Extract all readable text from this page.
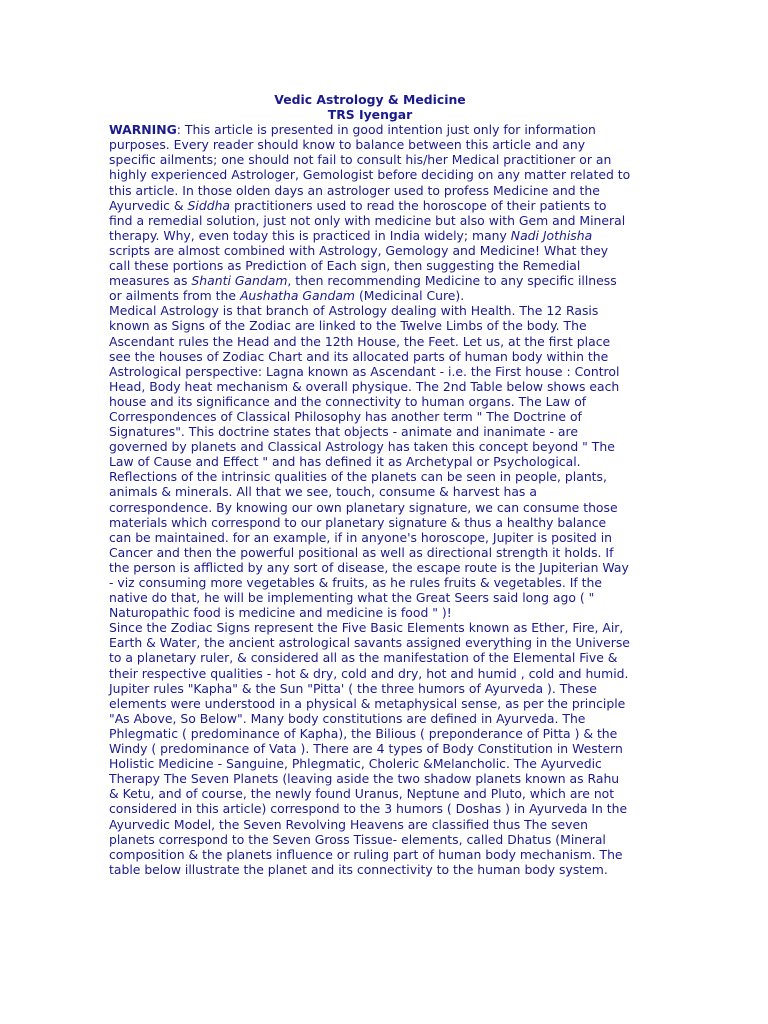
Vedic Astrology & Medicine
TRS Iyengar

WARNING: This article is presented in good intention just only for information purposes. Every reader should know to balance between this article and any specific ailments; one should not fail to consult his/her Medical practitioner or an highly experienced Astrologer, Gemologist before deciding on any matter related to this article. In those olden days an astrologer used to profess Medicine and the Ayurvedic & Siddha practitioners used to read the horoscope of their patients to find a remedial solution, just not only with medicine but also with Gem and Mineral therapy. Why, even today this is practiced in India widely; many Nadi Jothisha scripts are almost combined with Astrology, Gemology and Medicine! What they call these portions as Prediction of Each sign, then suggesting the Remedial measures as Shanti Gandam, then recommending Medicine to any specific illness or ailments from the Aushatha Gandam (Medicinal Cure).

Medical Astrology is that branch of Astrology dealing with Health. The 12 Rasis known as Signs of the Zodiac are linked to the Twelve Limbs of the body. The Ascendant rules the Head and the 12th House, the Feet. Let us, at the first place see the houses of Zodiac Chart and its allocated parts of human body within the Astrological perspective: Lagna known as Ascendant - i.e. the First house : Control Head, Body heat mechanism & overall physique. The 2nd Table below shows each house and its significance and the connectivity to human organs. The Law of Correspondences of Classical Philosophy has another term " The Doctrine of Signatures". This doctrine states that objects - animate and inanimate - are governed by planets and Classical Astrology has taken this concept beyond " The Law of Cause and Effect " and has defined it as Archetypal or Psychological.

Reflections of the intrinsic qualities of the planets can be seen in people, plants, animals & minerals. All that we see, touch, consume & harvest has a correspondence. By knowing our own planetary signature, we can consume those materials which correspond to our planetary signature & thus a healthy balance can be maintained. for an example, if in anyone's horoscope, Jupiter is posited in Cancer and then the powerful positional as well as directional strength it holds. If the person is afflicted by any sort of disease, the escape route is the Jupiterian Way - viz consuming more vegetables & fruits, as he rules fruits & vegetables. If the native do that, he will be implementing what the Great Seers said long ago ( " Naturopathic food is medicine and medicine is food " )!

Since the Zodiac Signs represent the Five Basic Elements known as Ether, Fire, Air, Earth & Water, the ancient astrological savants assigned everything in the Universe to a planetary ruler, & considered all as the manifestation of the Elemental Five & their respective qualities - hot & dry, cold and dry, hot and humid , cold and humid. Jupiter rules "Kapha" & the Sun "Pitta' ( the three humors of Ayurveda ). These elements were understood in a physical & metaphysical sense, as per the principle "As Above, So Below". Many body constitutions are defined in Ayurveda. The Phlegmatic ( predominance of Kapha), the Bilious ( preponderance of Pitta ) & the Windy ( predominance of Vata ). There are 4 types of Body Constitution in Western Holistic Medicine - Sanguine, Phlegmatic, Choleric &Melancholic. The Ayurvedic Therapy The Seven Planets (leaving aside the two shadow planets known as Rahu & Ketu, and of course, the newly found Uranus, Neptune and Pluto, which are not considered in this article) correspond to the 3 humors ( Doshas ) in Ayurveda In the Ayurvedic Model, the Seven Revolving Heavens are classified thus The seven planets correspond to the Seven Gross Tissue- elements, called Dhatus (Mineral composition & the planets influence or ruling part of human body mechanism. The table below illustrate the planet and its connectivity to the human body system.
